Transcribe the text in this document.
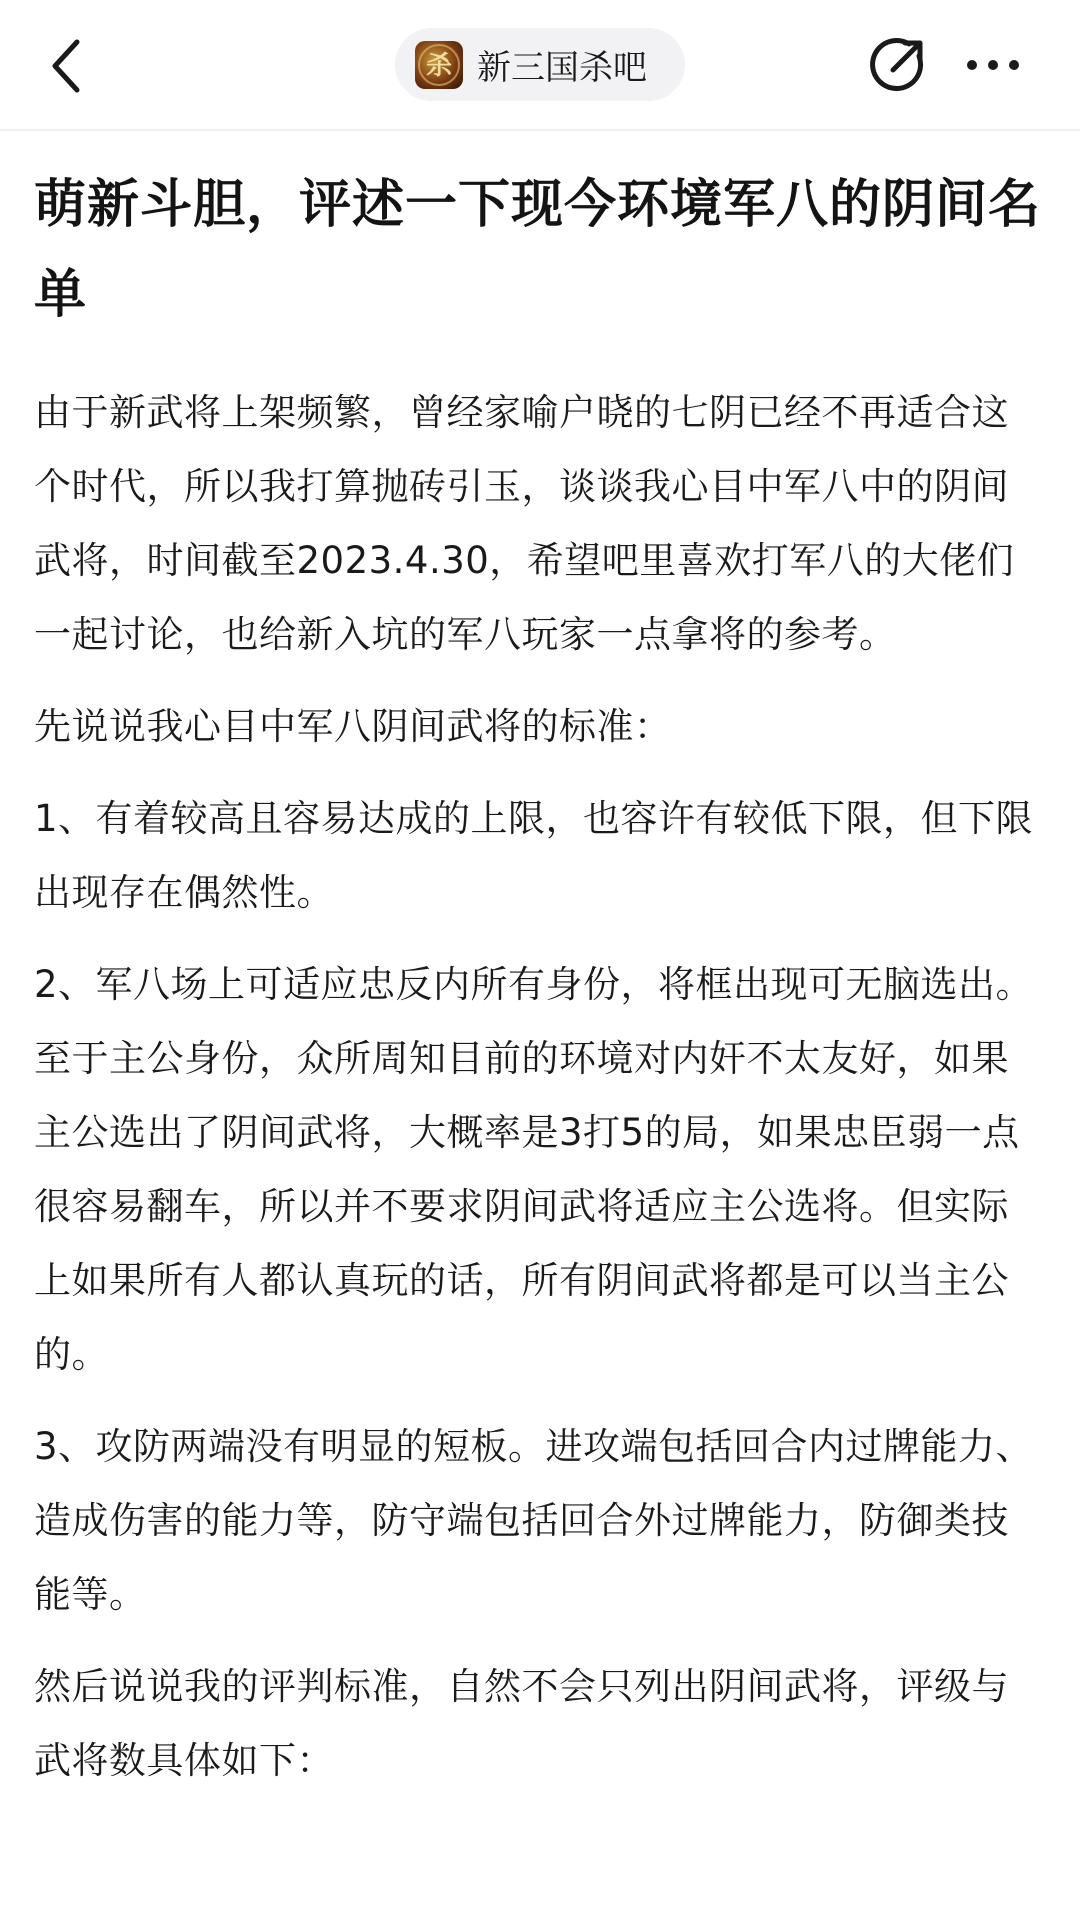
杀 新三国杀吧
萌新斗胆，评述一下现今环境军八的阴间名单

由于新武将上架频繁，曾经家喻户晓的七阴已经不再适合这个时代，所以我打算抛砖引玉，谈谈我心目中军八中的阴间武将，时间截至2023.4.30，希望吧里喜欢打军八的大佬们一起讨论，也给新入坑的军八玩家一点拿将的参考。

先说说我心目中军八阴间武将的标准：

1、有着较高且容易达成的上限，也容许有较低下限，但下限出现存在偶然性。

2、军八场上可适应忠反内所有身份，将框出现可无脑选出。至于主公身份，众所周知目前的环境对内奸不太友好，如果主公选出了阴间武将，大概率是3打5的局，如果忠臣弱一点很容易翻车，所以并不要求阴间武将适应主公选将。但实际上如果所有人都认真玩的话，所有阴间武将都是可以当主公的。

3、攻防两端没有明显的短板。进攻端包括回合内过牌能力、造成伤害的能力等，防守端包括回合外过牌能力，防御类技能等。

然后说说我的评判标准，自然不会只列出阴间武将，评级与武将数具体如下：
